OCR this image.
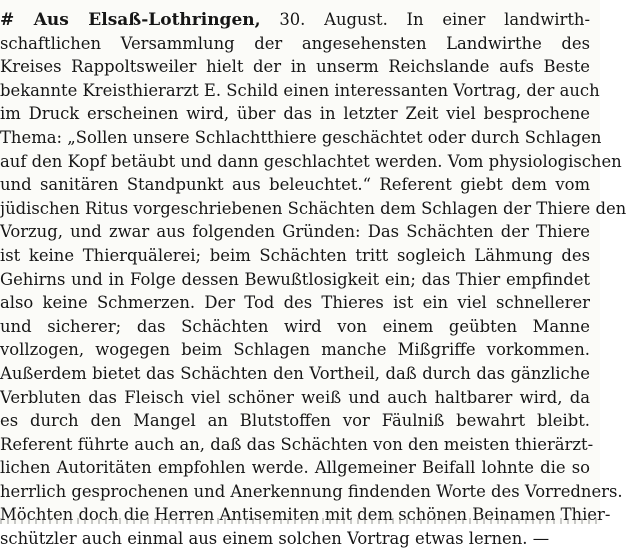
# Aus Elsaß-Lothringen, 30. August. In einer landwirth-
schaftlichen Versammlung der angesehensten Landwirthe des
Kreises Rappoltsweiler hielt der in unserm Reichslande aufs Beste
bekannte Kreisthierarzt E. Schild einen interessanten Vortrag, der auch
im Druck erscheinen wird, über das in letzter Zeit viel besprochene
Thema: „Sollen unsere Schlachtthiere geschächtet oder durch Schlagen
auf den Kopf betäubt und dann geschlachtet werden. Vom physiologischen
und sanitären Standpunkt aus beleuchtet.“ Referent giebt dem vom
jüdischen Ritus vorgeschriebenen Schächten dem Schlagen der Thiere den
Vorzug, und zwar aus folgenden Gründen: Das Schächten der Thiere
ist keine Thierquälerei; beim Schächten tritt sogleich Lähmung des
Gehirns und in Folge dessen Bewußtlosigkeit ein; das Thier empfindet
also keine Schmerzen. Der Tod des Thieres ist ein viel schnellerer
und sicherer; das Schächten wird von einem geübten Manne
vollzogen, wogegen beim Schlagen manche Mißgriffe vorkommen.
Außerdem bietet das Schächten den Vortheil, daß durch das gänzliche
Verbluten das Fleisch viel schöner weiß und auch haltbarer wird, da
es durch den Mangel an Blutstoffen vor Fäulniß bewahrt bleibt.
Referent führte auch an, daß das Schächten von den meisten thierärzt-
lichen Autoritäten empfohlen werde. Allgemeiner Beifall lohnte die so
herrlich gesprochenen und Anerkennung findenden Worte des Vorredners.
Möchten doch die Herren Antisemiten mit dem schönen Beinamen Thier-
schützler auch einmal aus einem solchen Vortrag etwas lernen. —
